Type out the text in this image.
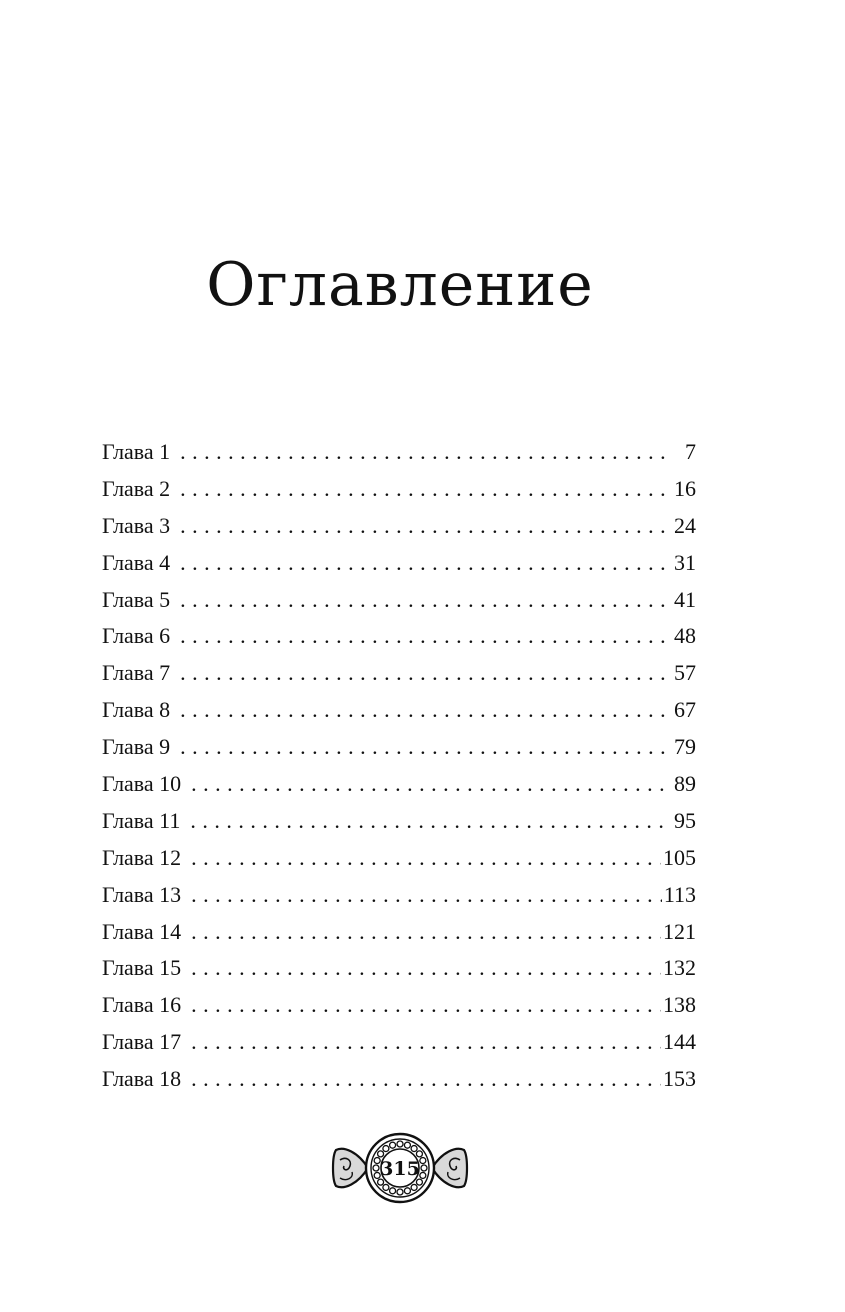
Оглавление
Глава 1 . . .	7
Глава 2 . . .	16
Глава 3 . . .	24
Глава 4 . . .	31
Глава 5 . . .	41
Глава 6 . . .	48
Глава 7 . . .	57
Глава 8 . . .	67
Глава 9 . . .	79
Глава 10 . . .	89
Глава 11 . . .	95
Глава 12 . . .	105
Глава 13 . . .	113
Глава 14 . . .	121
Глава 15 . . .	132
Глава 16 . . .	138
Глава 17 . . .	144
Глава 18 . . .	153
315
